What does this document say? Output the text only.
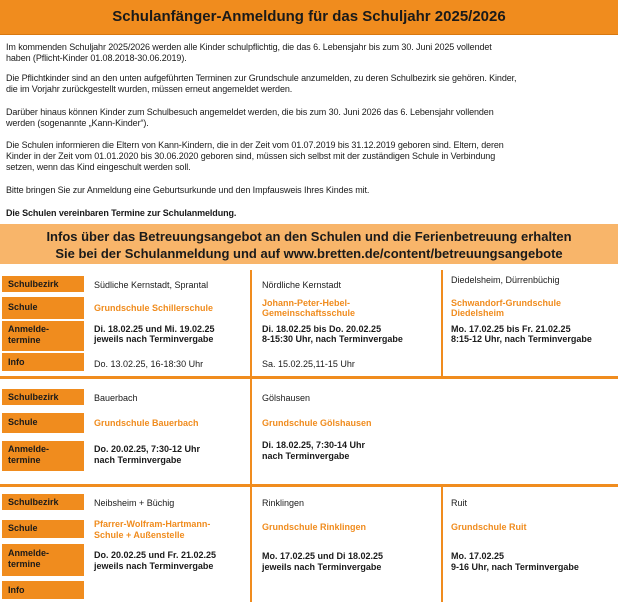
Schulanfänger-Anmeldung für das Schuljahr 2025/2026
Im kommenden Schuljahr 2025/2026 werden alle Kinder schulpflichtig, die das 6. Lebensjahr bis zum 30. Juni 2025 vollendet
haben (Pflicht-Kinder 01.08.2018-30.06.2019).
Die Pflichtkinder sind an den unten aufgeführten Terminen zur Grundschule anzumelden, zu deren Schulbezirk sie gehören. Kinder,
die im Vorjahr zurückgestellt wurden, müssen erneut angemeldet werden.
Darüber hinaus können Kinder zum Schulbesuch angemeldet werden, die bis zum 30. Juni 2026 das 6. Lebensjahr vollenden
werden (sogenannte „Kann-Kinder“).
Die Schulen informieren die Eltern von Kann-Kindern, die in der Zeit vom 01.07.2019 bis 31.12.2019 geboren sind. Eltern, deren
Kinder in der Zeit vom 01.01.2020 bis 30.06.2020 geboren sind, müssen sich selbst mit der zuständigen Schule in Verbindung
setzen, wenn das Kind eingeschult werden soll.
Bitte bringen Sie zur Anmeldung eine Geburtsurkunde und den Impfausweis Ihres Kindes mit.
Die Schulen vereinbaren Termine zur Schulanmeldung.
Infos über das Betreuungsangebot an den Schulen und die Ferienbetreuung erhalten
Sie bei der Schulanmeldung und auf www.bretten.de/content/betreuungsangebote
Schulbezirk
Schule
Anmelde-
termine
Info
Südliche Kernstadt, Sprantal
Grundschule Schillerschule
Di. 18.02.25 und Mi. 19.02.25
jeweils nach Terminvergabe
Do. 13.02.25, 16-18:30 Uhr
Nördliche Kernstadt
Johann-Peter-Hebel-
Gemeinschaftsschule
Di. 18.02.25 bis Do. 20.02.25
8-15:30 Uhr, nach Terminvergabe
Sa. 15.02.25,11-15 Uhr
Diedelsheim, Dürrenbüchig
Schwandorf-Grundschule
Diedelsheim
Mo. 17.02.25 bis Fr. 21.02.25
8:15-12 Uhr, nach Terminvergabe
Schulbezirk
Schule
Anmelde-
termine
Bauerbach
Grundschule Bauerbach
Do. 20.02.25, 7:30-12 Uhr
nach Terminvergabe
Gölshausen
Grundschule Gölshausen
Di. 18.02.25, 7:30-14 Uhr
nach Terminvergabe
Schulbezirk
Schule
Anmelde-
termine
Info
Neibsheim + Büchig
Pfarrer-Wolfram-Hartmann-
Schule + Außenstelle
Do. 20.02.25 und Fr. 21.02.25
jeweils nach Terminvergabe
Rinklingen
Grundschule Rinklingen
Mo. 17.02.25 und Di 18.02.25
jeweils nach Terminvergabe
Ruit
Grundschule Ruit
Mo. 17.02.25
9-16 Uhr, nach Terminvergabe
